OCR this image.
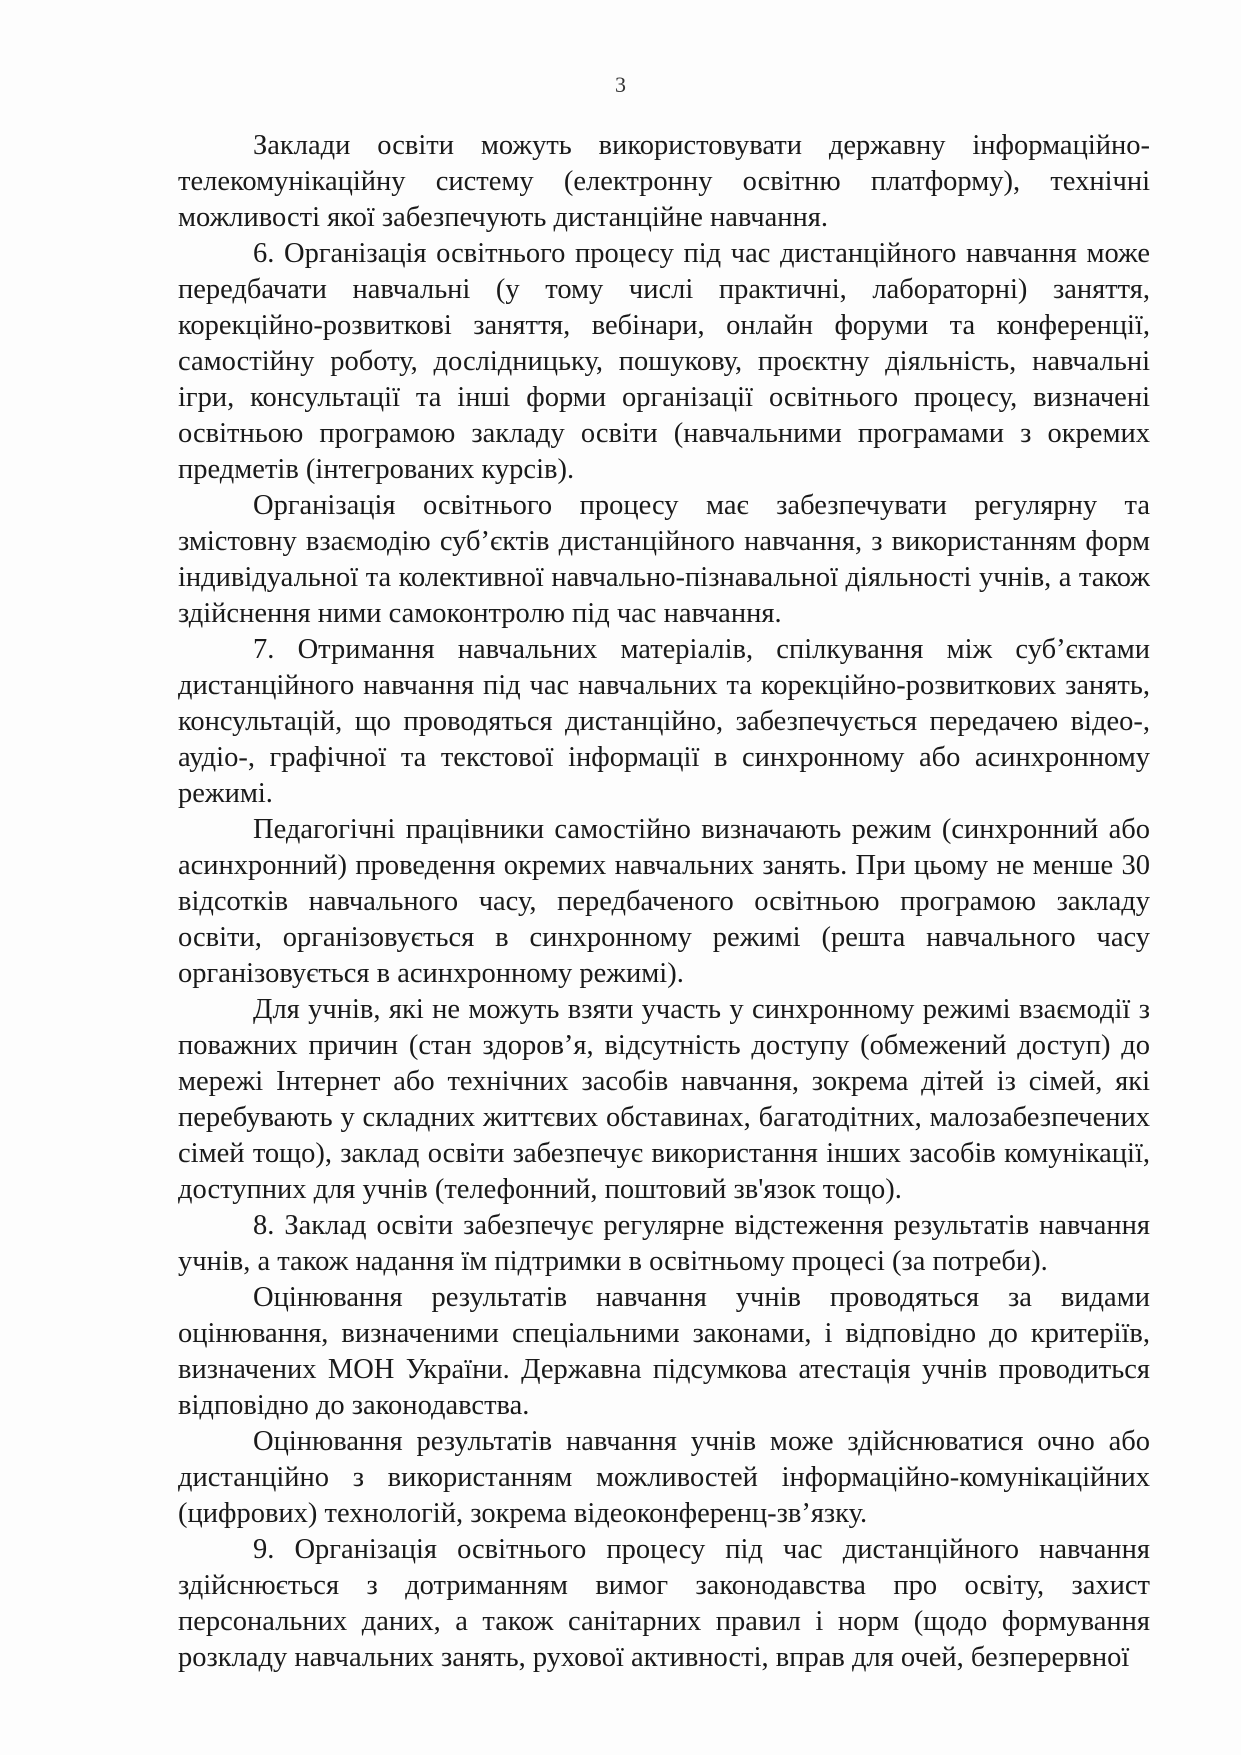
3

Заклади освіти можуть використовувати державну інформаційно-телекомунікаційну систему (електронну освітню платформу), технічні можливості якої забезпечують дистанційне навчання.

6. Організація освітнього процесу під час дистанційного навчання може передбачати навчальні (у тому числі практичні, лабораторні) заняття, корекційно-розвиткові заняття, вебінари, онлайн форуми та конференції, самостійну роботу, дослідницьку, пошукову, проєктну діяльність, навчальні ігри, консультації та інші форми організації освітнього процесу, визначені освітньою програмою закладу освіти (навчальними програмами з окремих предметів (інтегрованих курсів).

Організація освітнього процесу має забезпечувати регулярну та змістовну взаємодію суб’єктів дистанційного навчання, з використанням форм індивідуальної та колективної навчально-пізнавальної діяльності учнів, а також здійснення ними самоконтролю під час навчання.

7. Отримання навчальних матеріалів, спілкування між суб’єктами дистанційного навчання під час навчальних та корекційно-розвиткових занять, консультацій, що проводяться дистанційно, забезпечується передачею відео-, аудіо-, графічної та текстової інформації в синхронному або асинхронному режимі.

Педагогічні працівники самостійно визначають режим (синхронний або асинхронний) проведення окремих навчальних занять. При цьому не менше 30 відсотків навчального часу, передбаченого освітньою програмою закладу освіти, організовується в синхронному режимі (решта навчального часу організовується в асинхронному режимі).

Для учнів, які не можуть взяти участь у синхронному режимі взаємодії з поважних причин (стан здоров’я, відсутність доступу (обмежений доступ) до мережі Інтернет або технічних засобів навчання, зокрема дітей із сімей, які перебувають у складних життєвих обставинах, багатодітних, малозабезпечених сімей тощо), заклад освіти забезпечує використання інших засобів комунікації, доступних для учнів (телефонний, поштовий зв'язок тощо).

8. Заклад освіти забезпечує регулярне відстеження результатів навчання учнів, а також надання їм підтримки в освітньому процесі (за потреби).

Оцінювання результатів навчання учнів проводяться за видами оцінювання, визначеними спеціальними законами, і відповідно до критеріїв, визначених МОН України. Державна підсумкова атестація учнів проводиться відповідно до законодавства.

Оцінювання результатів навчання учнів може здійснюватися очно або дистанційно з використанням можливостей інформаційно-комунікаційних (цифрових) технологій, зокрема відеоконференц-зв’язку.

9. Організація освітнього процесу під час дистанційного навчання здійснюється з дотриманням вимог законодавства про освіту, захист персональних даних, а також санітарних правил і норм (щодо формування розкладу навчальних занять, рухової активності, вправ для очей, безперервної
